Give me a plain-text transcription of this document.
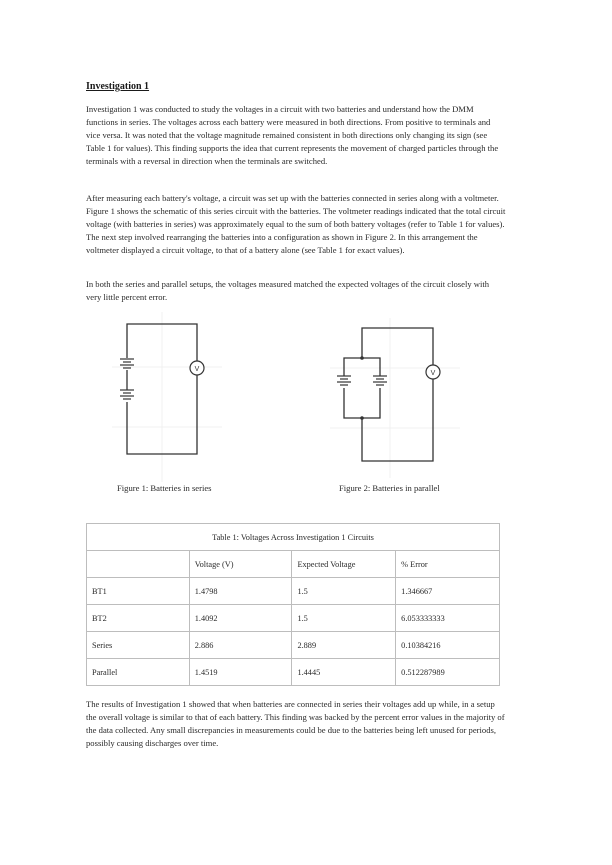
Investigation 1
Investigation 1 was conducted to study the voltages in a circuit with two batteries and understand how the DMM functions in series. The voltages across each battery were measured in both directions. From positive to terminals and vice versa. It was noted that the voltage magnitude remained consistent in both directions only changing its sign (see Table 1 for values). This finding supports the idea that current represents the movement of charged particles through the terminals with a reversal in direction when the terminals are switched.
After measuring each battery's voltage, a circuit was set up with the batteries connected in series along with a voltmeter. Figure 1 shows the schematic of this series circuit with the batteries. The voltmeter readings indicated that the total circuit voltage (with batteries in series) was approximately equal to the sum of both battery voltages (refer to Table 1 for values). The next step involved rearranging the batteries into a configuration as shown in Figure 2. In this arrangement the voltmeter displayed a circuit voltage, to that of a battery alone (see Table 1 for exact values).
In both the series and parallel setups, the voltages measured matched the expected voltages of the circuit closely with very little percent error.
V
Figure 1: Batteries in series
V
Figure 2: Batteries in parallel
Table 1: Voltages Across Investigation 1 Circuits			
	Voltage (V)	Expected Voltage	% Error
BT1	1.4798	1.5	1.346667
BT2	1.4092	1.5	6.053333333
Series	2.886	2.889	0.10384216
Parallel	1.4519	1.4445	0.512287989
The results of Investigation 1 showed that when batteries are connected in series their voltages add up while, in a setup the overall voltage is similar to that of each battery. This finding was backed by the percent error values in the majority of the data collected. Any small discrepancies in measurements could be due to the batteries being left unused for periods, possibly causing discharges over time.
